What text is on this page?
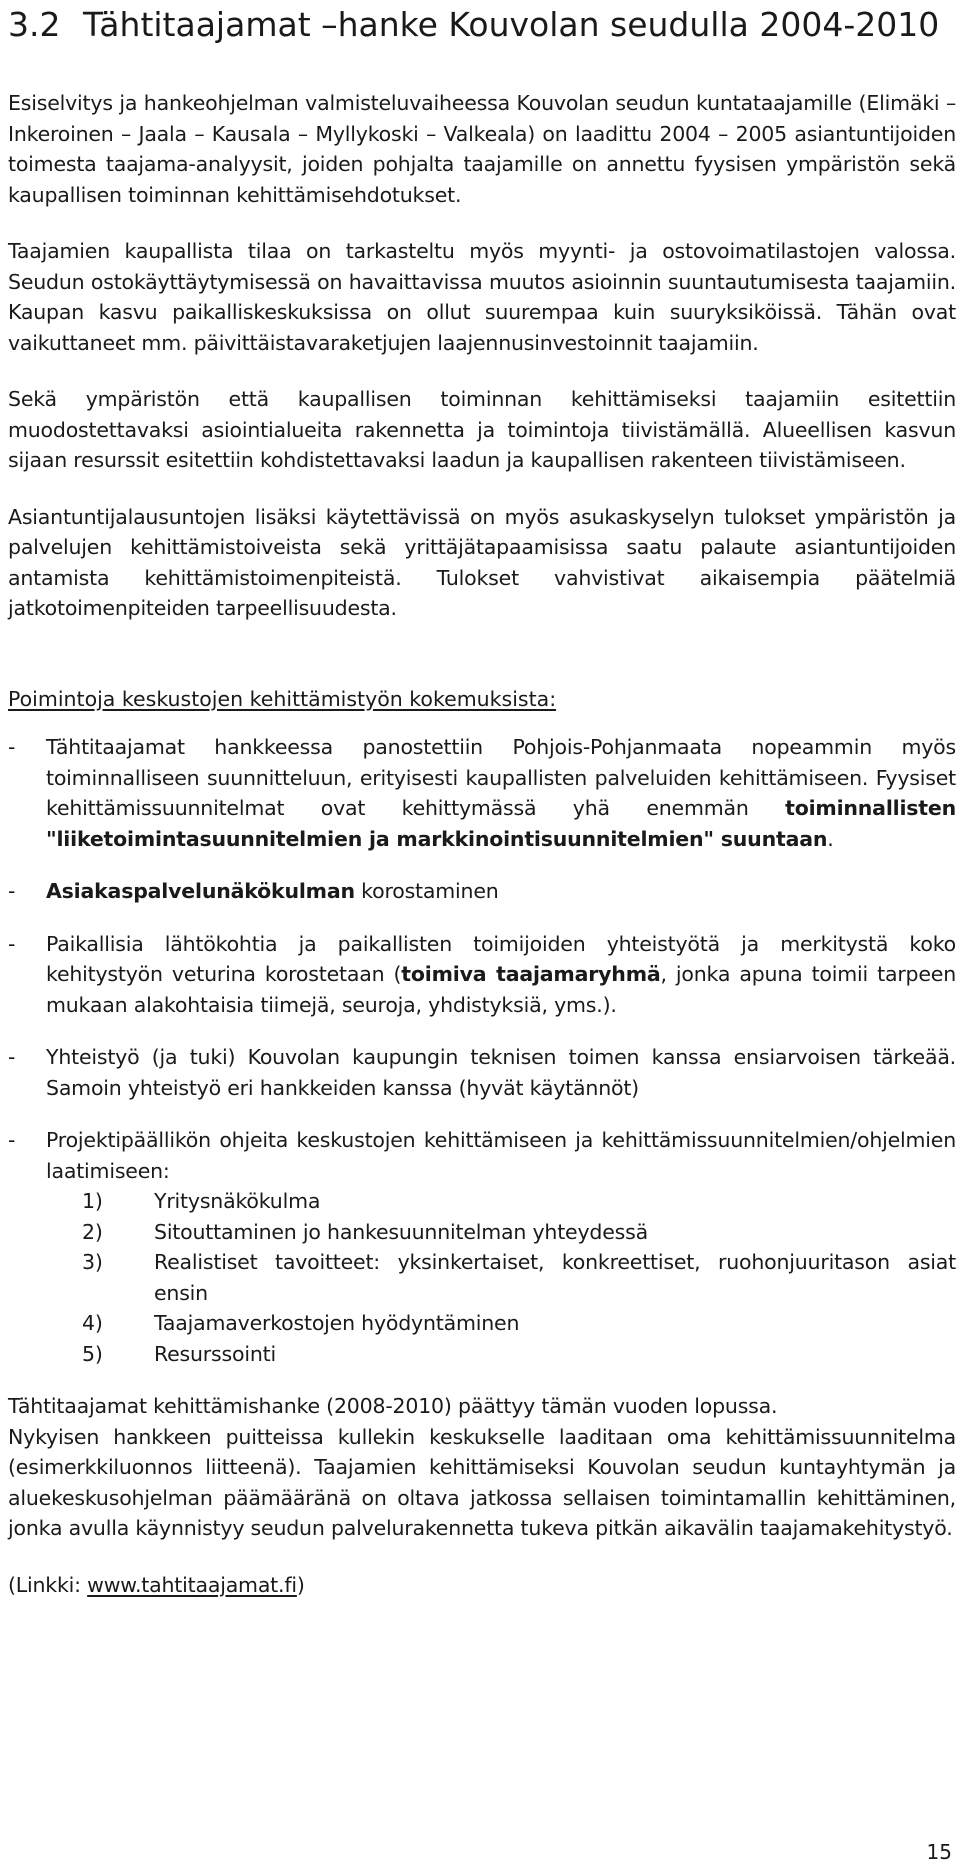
3.2 Tähtitaajamat –hanke Kouvolan seudulla 2004-2010

Esiselvitys ja hankeohjelman valmisteluvaiheessa Kouvolan seudun kuntataajamille (Elimäki – Inkeroinen – Jaala – Kausala – Myllykoski – Valkeala) on laadittu 2004 – 2005 asiantuntijoiden toimesta taajama-analyysit, joiden pohjalta taajamille on annettu fyysisen ympäristön sekä kaupallisen toiminnan kehittämisehdotukset.

Taajamien kaupallista tilaa on tarkasteltu myös myynti- ja ostovoimatilastojen valossa. Seudun ostokäyttäytymisessä on havaittavissa muutos asioinnin suuntautumisesta taajamiin. Kaupan kasvu paikalliskeskuksissa on ollut suurempaa kuin suuryksiköissä. Tähän ovat vaikuttaneet mm. päivittäistavaraketjujen laajennusinvestoinnit taajamiin.

Sekä ympäristön että kaupallisen toiminnan kehittämiseksi taajamiin esitettiin muodostettavaksi asiointialueita rakennetta ja toimintoja tiivistämällä. Alueellisen kasvun sijaan resurssit esitettiin kohdistettavaksi laadun ja kaupallisen rakenteen tiivistämiseen.

Asiantuntijalausuntojen lisäksi käytettävissä on myös asukaskyselyn tulokset ympäristön ja palvelujen kehittämistoiveista sekä yrittäjätapaamisissa saatu palaute asiantuntijoiden antamista kehittämistoimenpiteistä. Tulokset vahvistivat aikaisempia päätelmiä jatkotoimenpiteiden tarpeellisuudesta.

Poimintoja keskustojen kehittämistyön kokemuksista:

-	Tähtitaajamat hankkeessa panostettiin Pohjois-Pohjanmaata nopeammin myös toiminnalliseen suunnitteluun, erityisesti kaupallisten palveluiden kehittämiseen. Fyysiset kehittämissuunnitelmat ovat kehittymässä yhä enemmän toiminnallisten "liiketoimintasuunnitelmien ja markkinointisuunnitelmien" suuntaan.
-	Asiakaspalvelunäkökulman korostaminen
-	Paikallisia lähtökohtia ja paikallisten toimijoiden yhteistyötä ja merkitystä koko kehitystyön veturina korostetaan (toimiva taajamaryhmä, jonka apuna toimii tarpeen mukaan alakohtaisia tiimejä, seuroja, yhdistyksiä, yms.).
-	Yhteistyö (ja tuki) Kouvolan kaupungin teknisen toimen kanssa ensiarvoisen tärkeää. Samoin yhteistyö eri hankkeiden kanssa (hyvät käytännöt)
-	Projektipäällikön ohjeita keskustojen kehittämiseen ja kehittämissuunnitelmien/ohjelmien laatimiseen:
1)	Yritysnäkökulma
2)	Sitouttaminen jo hankesuunnitelman yhteydessä
3)	Realistiset tavoitteet: yksinkertaiset, konkreettiset, ruohonjuuritason asiat ensin
4)	Taajamaverkostojen hyödyntäminen
5)	Resurssointi

Tähtitaajamat kehittämishanke (2008-2010) päättyy tämän vuoden lopussa.

Nykyisen hankkeen puitteissa kullekin keskukselle laaditaan oma kehittämissuunnitelma (esimerkkiluonnos liitteenä). Taajamien kehittämiseksi Kouvolan seudun kuntayhtymän ja aluekeskusohjelman päämääränä on oltava jatkossa sellaisen toimintamallin kehittäminen, jonka avulla käynnistyy seudun palvelurakennetta tukeva pitkän aikavälin taajamakehitystyö.

(Linkki: www.tahtitaajamat.fi)

15
